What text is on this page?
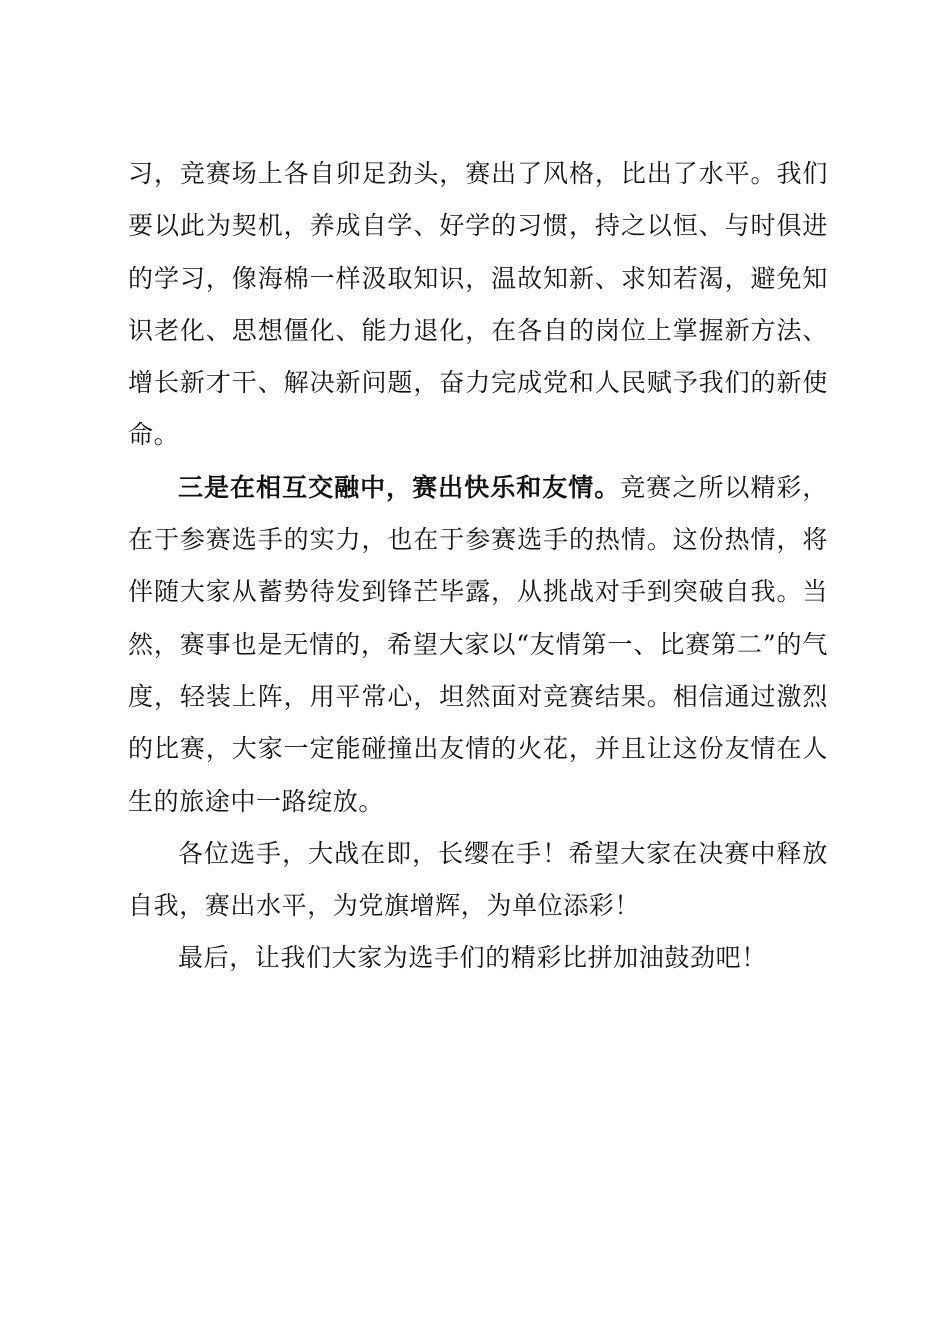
习，竞赛场上各自卯足劲头，赛出了风格，比出了水平。我们要以此为契机，养成自学、好学的习惯，持之以恒、与时俱进的学习，像海棉一样汲取知识，温故知新、求知若渴，避免知识老化、思想僵化、能力退化，在各自的岗位上掌握新方法、增长新才干、解决新问题，奋力完成党和人民赋予我们的新使命。

三是在相互交融中，赛出快乐和友情。竞赛之所以精彩，在于参赛选手的实力，也在于参赛选手的热情。这份热情，将伴随大家从蓄势待发到锋芒毕露，从挑战对手到突破自我。当然，赛事也是无情的，希望大家以“友情第一、比赛第二”的气度，轻装上阵，用平常心，坦然面对竞赛结果。相信通过激烈的比赛，大家一定能碰撞出友情的火花，并且让这份友情在人生的旅途中一路绽放。

各位选手，大战在即，长缨在手！希望大家在决赛中释放自我，赛出水平，为党旗增辉，为单位添彩！

最后，让我们大家为选手们的精彩比拼加油鼓劲吧！
